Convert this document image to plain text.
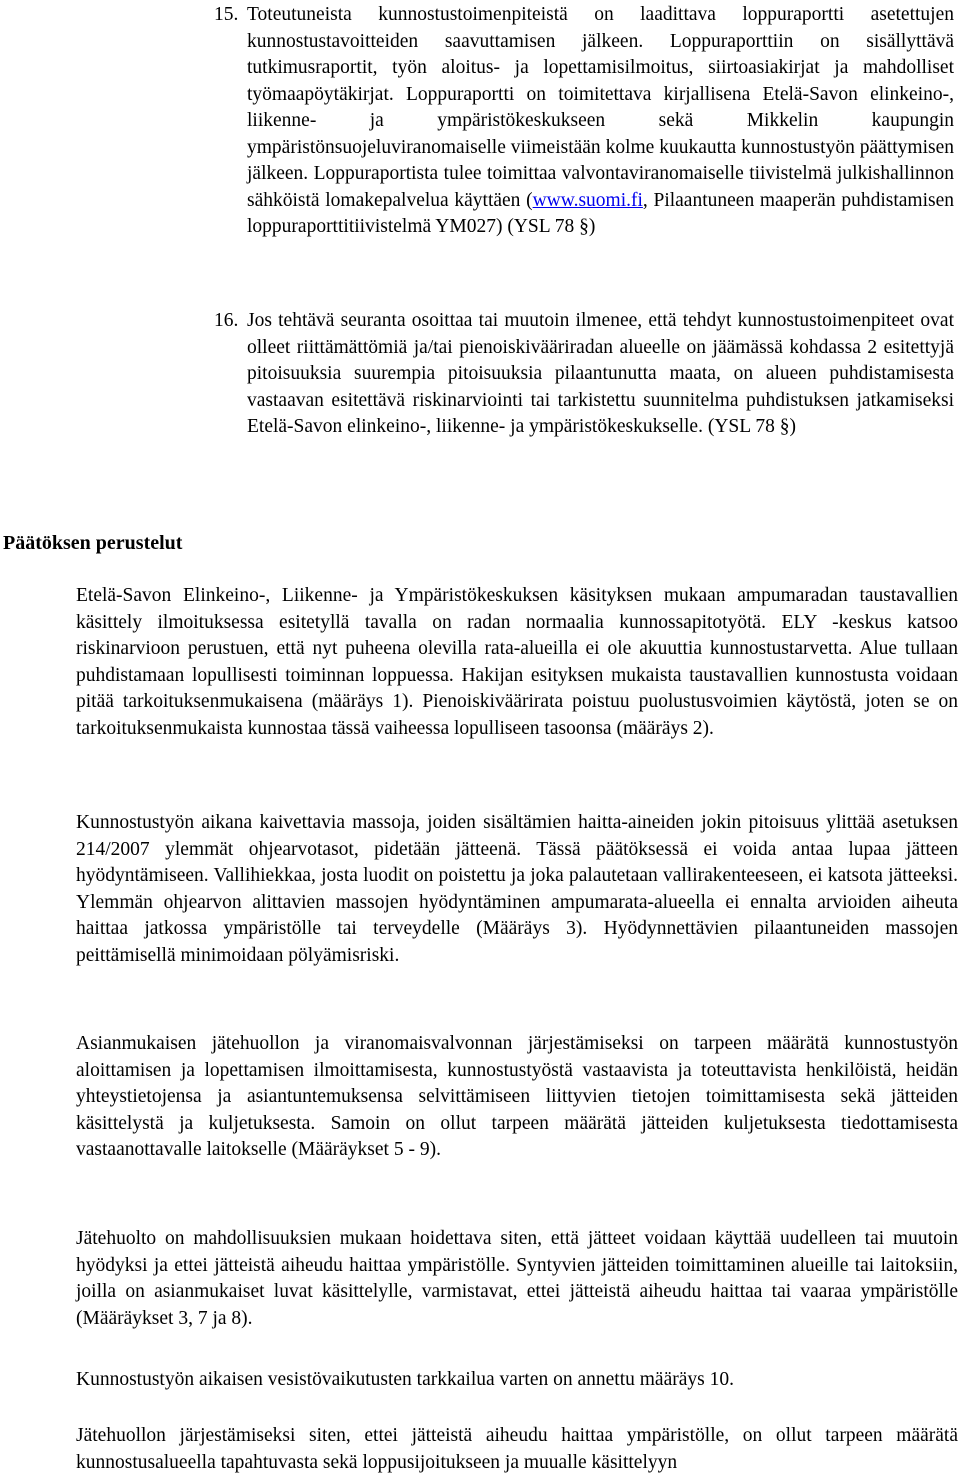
15. Toteutuneista kunnostustoimenpiteistä on laadittava loppuraportti asetettujen kunnostustavoitteiden saavuttamisen jälkeen. Loppuraporttiin on sisällyttävä tutkimusraportit, työn aloitus- ja lopettamisilmoitus, siirtoasiakirjat ja mahdolliset työmaapöytäkirjat. Loppuraportti on toimitettava kirjallisena Etelä-Savon elinkeino-, liikenne- ja ympäristökeskukseen sekä Mikkelin kaupungin ympäristönsuojeluviranomaiselle viimeistään kolme kuukautta kunnostustyön päättymisen jälkeen. Loppuraportista tulee toimittaa valvontaviranomaiselle tiivistelmä julkishallinnon sähköistä lomakepalvelua käyttäen (www.suomi.fi, Pilaantuneen maaperän puhdistamisen loppuraporttitiivistelmä YM027) (YSL 78 §)
16. Jos tehtävä seuranta osoittaa tai muutoin ilmenee, että tehdyt kunnostustoimenpiteet ovat olleet riittämättömiä ja/tai pienoiskivääriradan alueelle on jäämässä kohdassa 2 esitettyjä pitoisuuksia suurempia pitoisuuksia pilaantunutta maata, on alueen puhdistamisesta vastaavan esitettävä riskinarviointi tai tarkistettu suunnitelma puhdistuksen jatkamiseksi Etelä-Savon elinkeino-, liikenne- ja ympäristökeskukselle. (YSL 78 §)
Päätöksen perustelut
Etelä-Savon Elinkeino-, Liikenne- ja Ympäristökeskuksen käsityksen mukaan ampumaradan taustavallien käsittely ilmoituksessa esitetyllä tavalla on radan normaalia kunnossapitotyötä. ELY -keskus katsoo riskinarvioon perustuen, että nyt puheena olevilla rata-alueilla ei ole akuuttia kunnostustarvetta. Alue tullaan puhdistamaan lopullisesti toiminnan loppuessa. Hakijan esityksen mukaista taustavallien kunnostusta voidaan pitää tarkoituksenmukaisena (määräys 1). Pienoiskiväärirata poistuu puolustusvoimien käytöstä, joten se on tarkoituksenmukaista kunnostaa tässä vaiheessa lopulliseen tasoonsa (määräys 2).
Kunnostustyön aikana kaivettavia massoja, joiden sisältämien haitta-aineiden jokin pitoisuus ylittää asetuksen 214/2007 ylemmät ohjearvotasot, pidetään jätteenä. Tässä päätöksessä ei voida antaa lupaa jätteen hyödyntämiseen. Vallihiekkaa, josta luodit on poistettu ja joka palautetaan vallirakenteeseen, ei katsota jätteeksi. Ylemmän ohjearvon alittavien massojen hyödyntäminen ampumarata-alueella ei ennalta arvioiden aiheuta haittaa jatkossa ympäristölle tai terveydelle (Määräys 3). Hyödynnettävien pilaantuneiden massojen peittämisellä minimoidaan pölyämisriski.
Asianmukaisen jätehuollon ja viranomaisvalvonnan järjestämiseksi on tarpeen määrätä kunnostustyön aloittamisen ja lopettamisen ilmoittamisesta, kunnostustyöstä vastaavista ja toteuttavista henkilöistä, heidän yhteystietojensa ja asiantuntemuksensa selvittämiseen liittyvien tietojen toimittamisesta sekä jätteiden käsittelystä ja kuljetuksesta. Samoin on ollut tarpeen määrätä jätteiden kuljetuksesta tiedottamisesta vastaanottavalle laitokselle (Määräykset 5 - 9).
Jätehuolto on mahdollisuuksien mukaan hoidettava siten, että jätteet voidaan käyttää uudelleen tai muutoin hyödyksi ja ettei jätteistä aiheudu haittaa ympäristölle. Syntyvien jätteiden toimittaminen alueille tai laitoksiin, joilla on asianmukaiset luvat käsittelylle, varmistavat, ettei jätteistä aiheudu haittaa tai vaaraa ympäristölle (Määräykset 3, 7 ja 8).
Kunnostustyön aikaisen vesistövaikutusten tarkkailua varten on annettu määräys 10.
Jätehuollon järjestämiseksi siten, ettei jätteistä aiheudu haittaa ympäristölle, on ollut tarpeen määrätä kunnostusalueella tapahtuvasta sekä loppusijoitukseen ja muualle käsittelyyn
